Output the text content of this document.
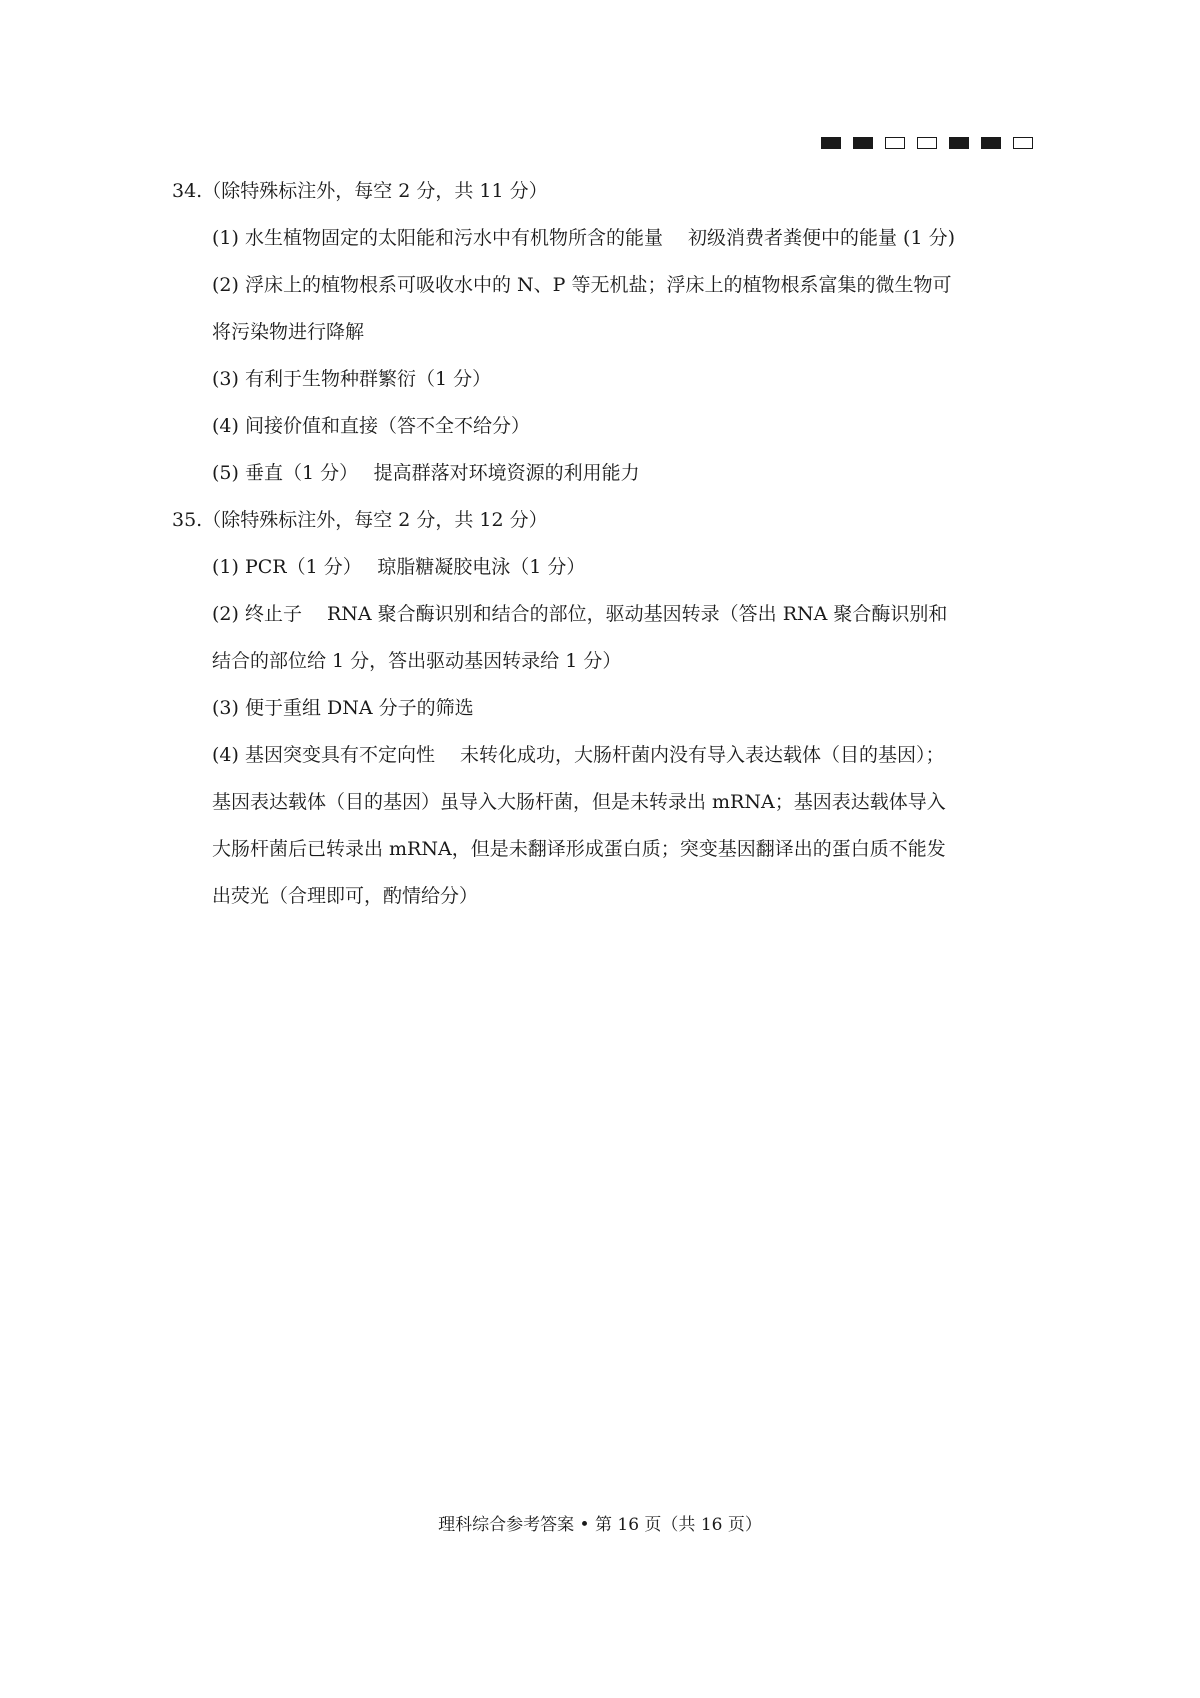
34.（除特殊标注外，每空 2 分，共 11 分）
(1) 水生植物固定的太阳能和污水中有机物所含的能量　 初级消费者粪便中的能量 (1 分)
(2) 浮床上的植物根系可吸收水中的 N、P 等无机盐；浮床上的植物根系富集的微生物可
将污染物进行降解
(3) 有利于生物种群繁衍（1 分）
(4) 间接价值和直接（答不全不给分）
(5) 垂直（1 分）　 提高群落对环境资源的利用能力
35.（除特殊标注外，每空 2 分，共 12 分）
(1) PCR（1 分）　 琼脂糖凝胶电泳（1 分）
(2) 终止子　 RNA 聚合酶识别和结合的部位，驱动基因转录（答出 RNA 聚合酶识别和
结合的部位给 1 分，答出驱动基因转录给 1 分）
(3) 便于重组 DNA 分子的筛选
(4) 基因突变具有不定向性　 未转化成功，大肠杆菌内没有导入表达载体（目的基因）；
基因表达载体（目的基因）虽导入大肠杆菌，但是未转录出 mRNA；基因表达载体导入
大肠杆菌后已转录出 mRNA，但是未翻译形成蛋白质；突变基因翻译出的蛋白质不能发
出荧光（合理即可，酌情给分）
理科综合参考答案 • 第 16 页（共 16 页）
